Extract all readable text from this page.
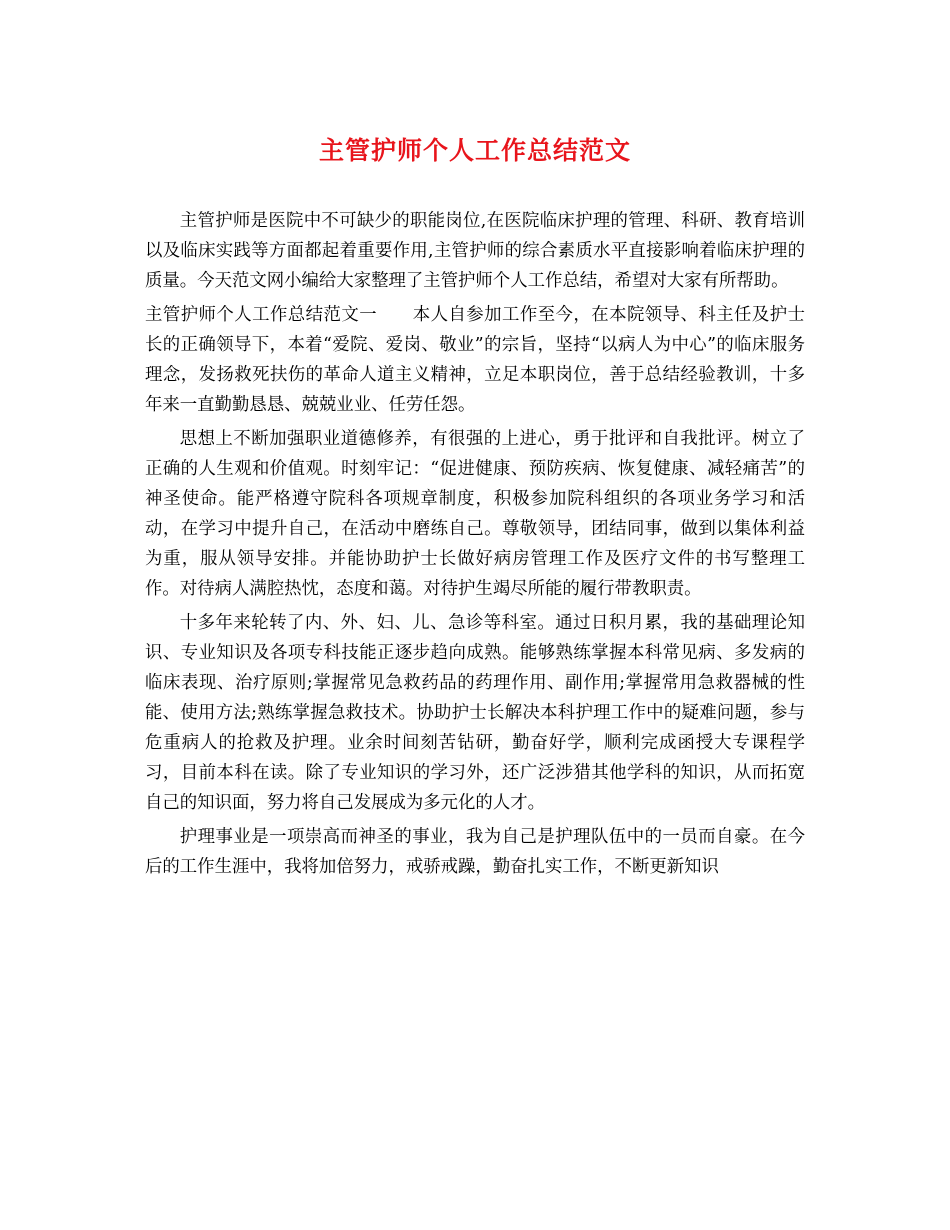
主管护师个人工作总结范文

主管护师是医院中不可缺少的职能岗位,在医院临床护理的管理、科研、教育培训以及临床实践等方面都起着重要作用,主管护师的综合素质水平直接影响着临床护理的质量。今天范文网小编给大家整理了主管护师个人工作总结，希望对大家有所帮助。

主管护师个人工作总结范文一　　本人自参加工作至今，在本院领导、科主任及护士长的正确领导下，本着“爱院、爱岗、敬业”的宗旨，坚持“以病人为中心”的临床服务理念，发扬救死扶伤的革命人道主义精神，立足本职岗位，善于总结经验教训，十多年来一直勤勤恳恳、兢兢业业、任劳任怨。

思想上不断加强职业道德修养，有很强的上进心，勇于批评和自我批评。树立了正确的人生观和价值观。时刻牢记：“促进健康、预防疾病、恢复健康、减轻痛苦”的神圣使命。能严格遵守院科各项规章制度，积极参加院科组织的各项业务学习和活动，在学习中提升自己，在活动中磨练自己。尊敬领导，团结同事，做到以集体利益为重，服从领导安排。并能协助护士长做好病房管理工作及医疗文件的书写整理工作。对待病人满腔热忱，态度和蔼。对待护生竭尽所能的履行带教职责。

十多年来轮转了内、外、妇、儿、急诊等科室。通过日积月累，我的基础理论知识、专业知识及各项专科技能正逐步趋向成熟。能够熟练掌握本科常见病、多发病的临床表现、治疗原则;掌握常见急救药品的药理作用、副作用;掌握常用急救器械的性能、使用方法;熟练掌握急救技术。协助护士长解决本科护理工作中的疑难问题，参与危重病人的抢救及护理。业余时间刻苦钻研，勤奋好学，顺利完成函授大专课程学习，目前本科在读。除了专业知识的学习外，还广泛涉猎其他学科的知识，从而拓宽自己的知识面，努力将自己发展成为多元化的人才。

护理事业是一项崇高而神圣的事业，我为自己是护理队伍中的一员而自豪。在今后的工作生涯中，我将加倍努力，戒骄戒躁，勤奋扎实工作，不断更新知识
